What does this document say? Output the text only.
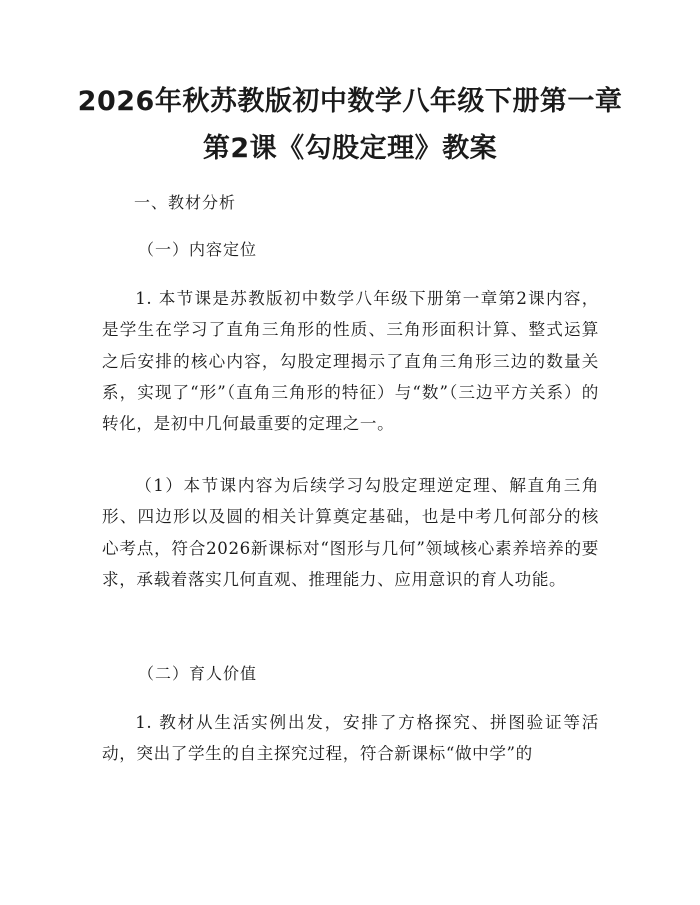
2026年秋苏教版初中数学八年级下册第一章
第2课《勾股定理》教案
一、教材分析
（一）内容定位

1. 本节课是苏教版初中数学八年级下册第一章第2课内容，是学生在学习了直角三角形的性质、三角形面积计算、整式运算之后安排的核心内容，勾股定理揭示了直角三角形三边的数量关系，实现了“形”（直角三角形的特征）与“数”（三边平方关系）的转化，是初中几何最重要的定理之一。

（1）本节课内容为后续学习勾股定理逆定理、解直角三角形、四边形以及圆的相关计算奠定基础，也是中考几何部分的核心考点，符合2026新课标对“图形与几何”领域核心素养培养的要求，承载着落实几何直观、推理能力、应用意识的育人功能。

（二）育人价值

1. 教材从生活实例出发，安排了方格探究、拼图验证等活动，突出了学生的自主探究过程，符合新课标“做中学”的
